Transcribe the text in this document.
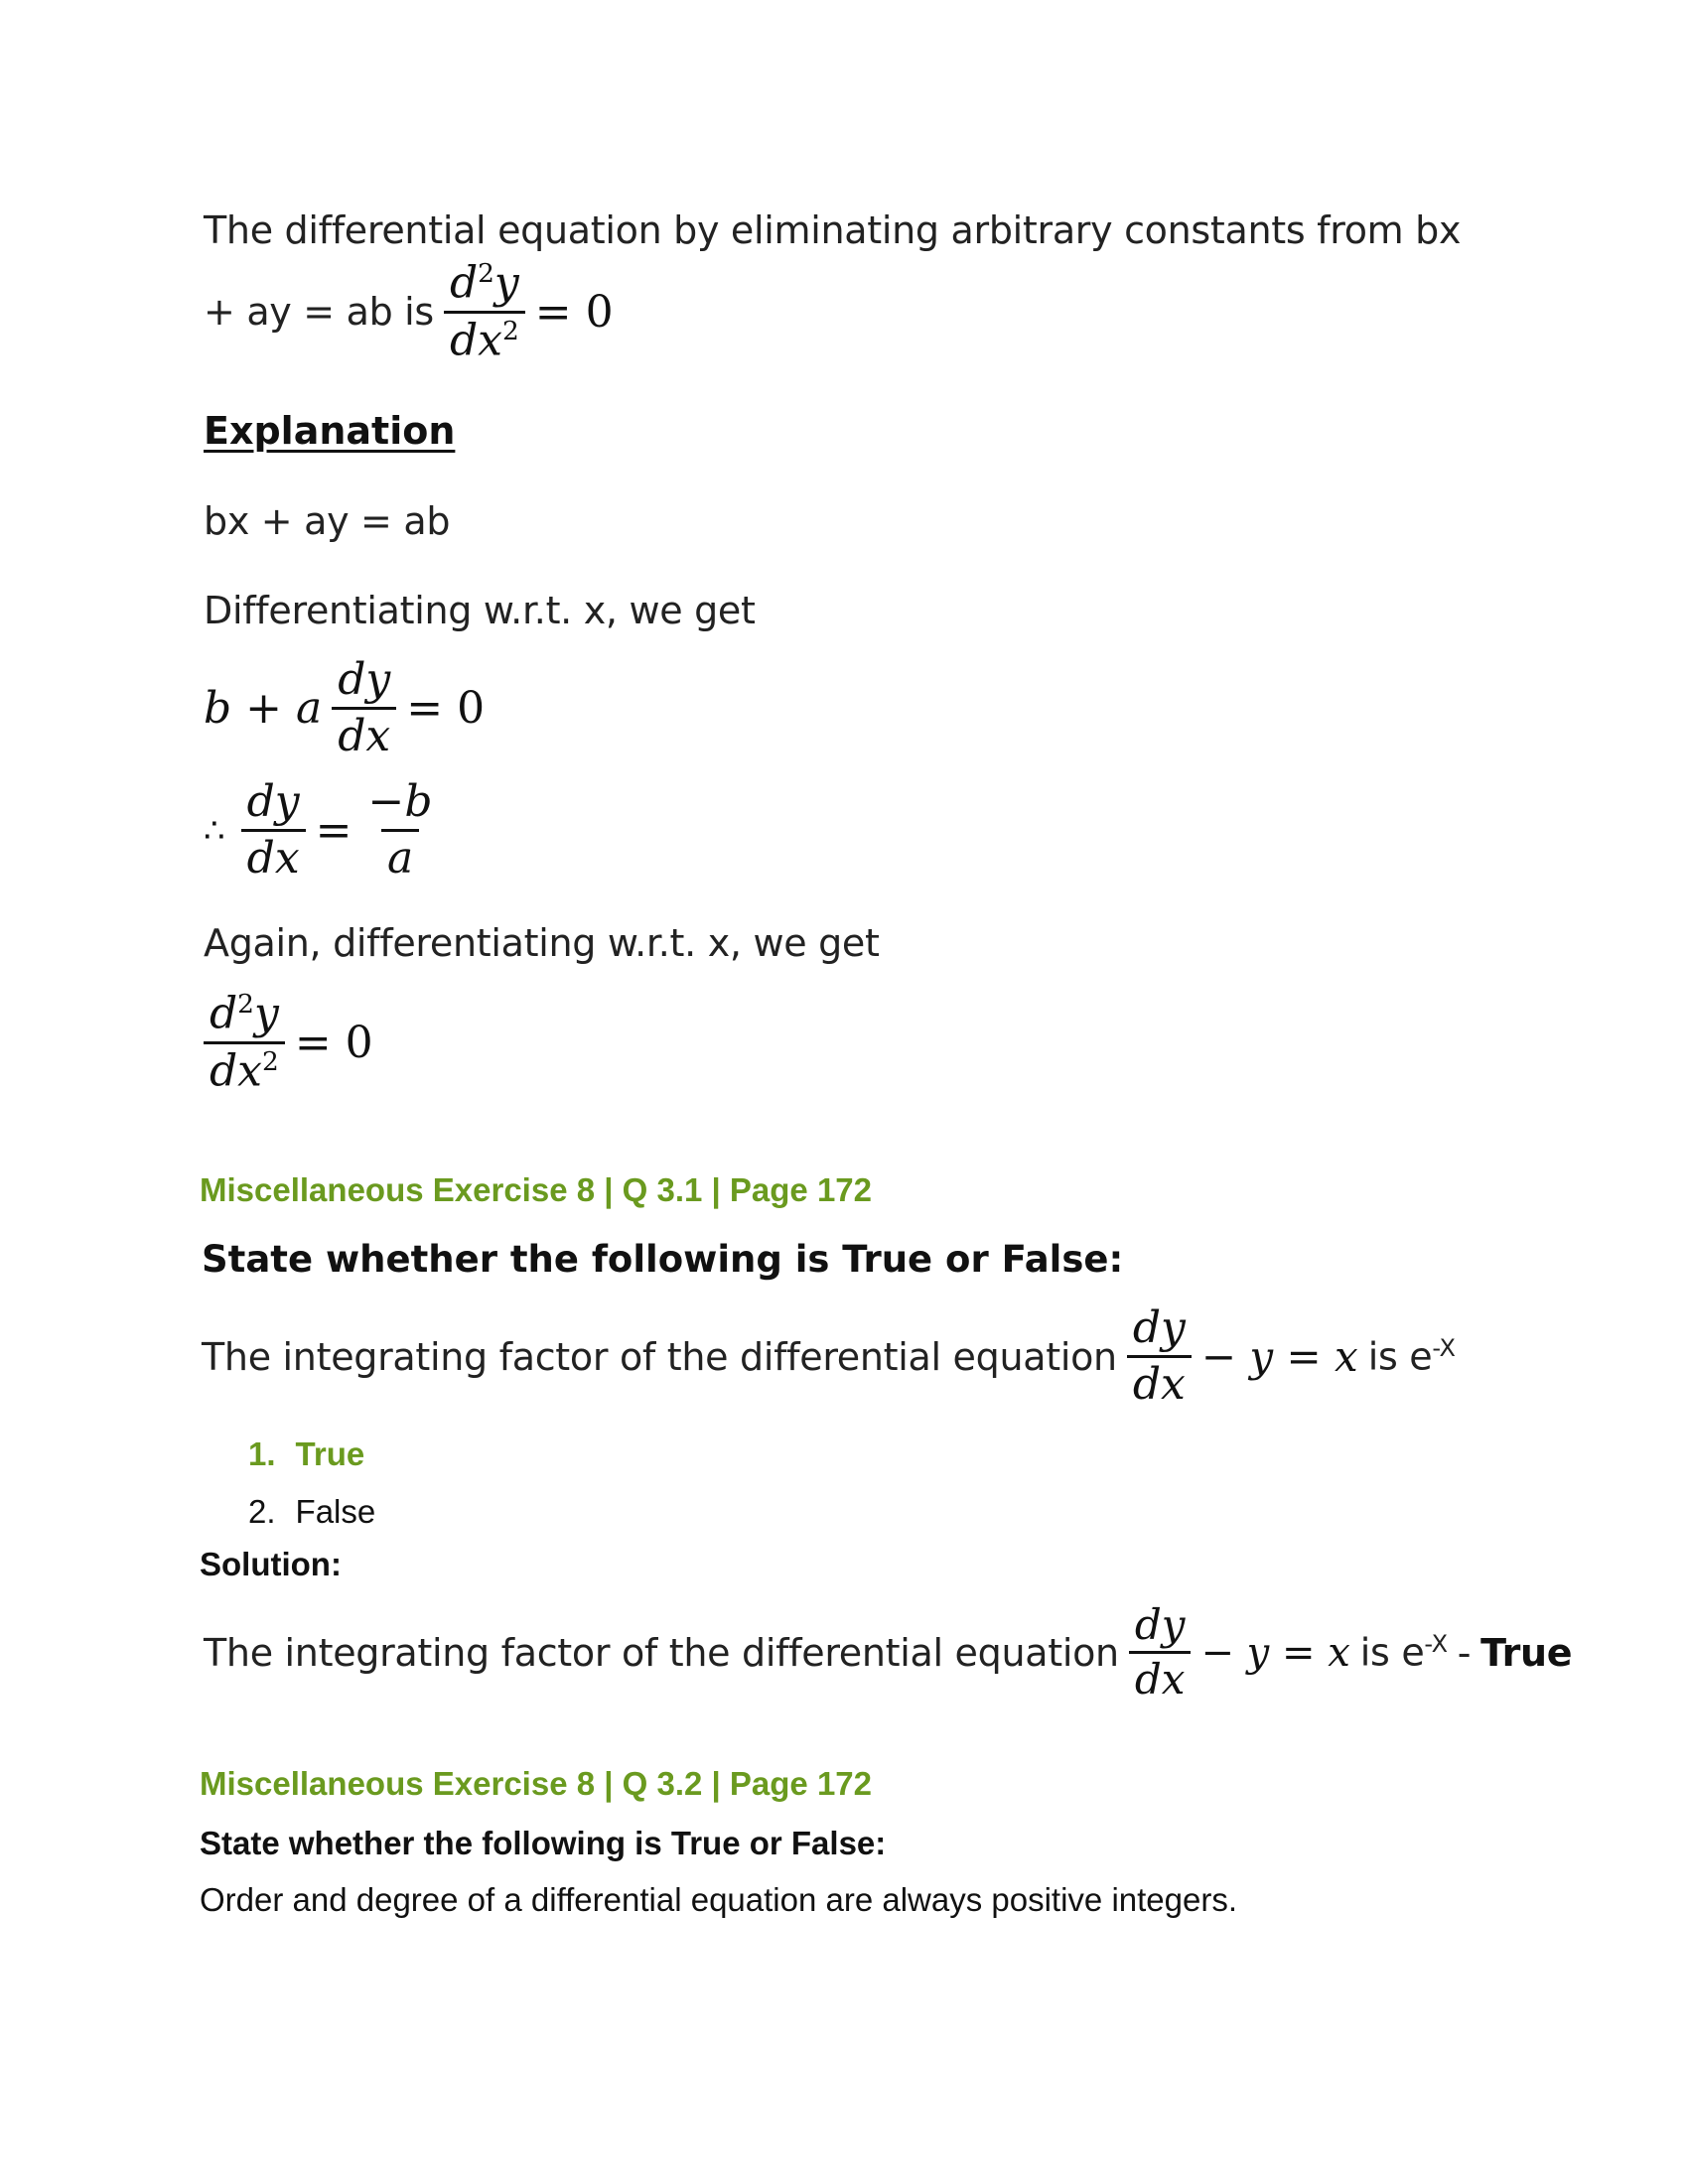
The differential equation by eliminating arbitrary constants from bx
+ ay = ab is $\frac{d^2y}{dx^2} = 0$
Explanation
bx + ay = ab
Differentiating w.r.t. x, we get
b + a $\frac{dy}{dx} = 0$
∴ $\frac{dy}{dx} = \frac{-b}{a}$
Again, differentiating w.r.t. x, we get
$\frac{d^2y}{dx^2} = 0$
Miscellaneous Exercise 8 | Q 3.1 | Page 172
State whether the following is True or False:
The integrating factor of the differential equation $\frac{dy}{dx} - y = x$ is $e^{-X}$
1. True
2. False
Solution:
The integrating factor of the differential equation $\frac{dy}{dx} - y = x$ is $e^{-X}$ - True
Miscellaneous Exercise 8 | Q 3.2 | Page 172
State whether the following is True or False:
Order and degree of a differential equation are always positive integers.
